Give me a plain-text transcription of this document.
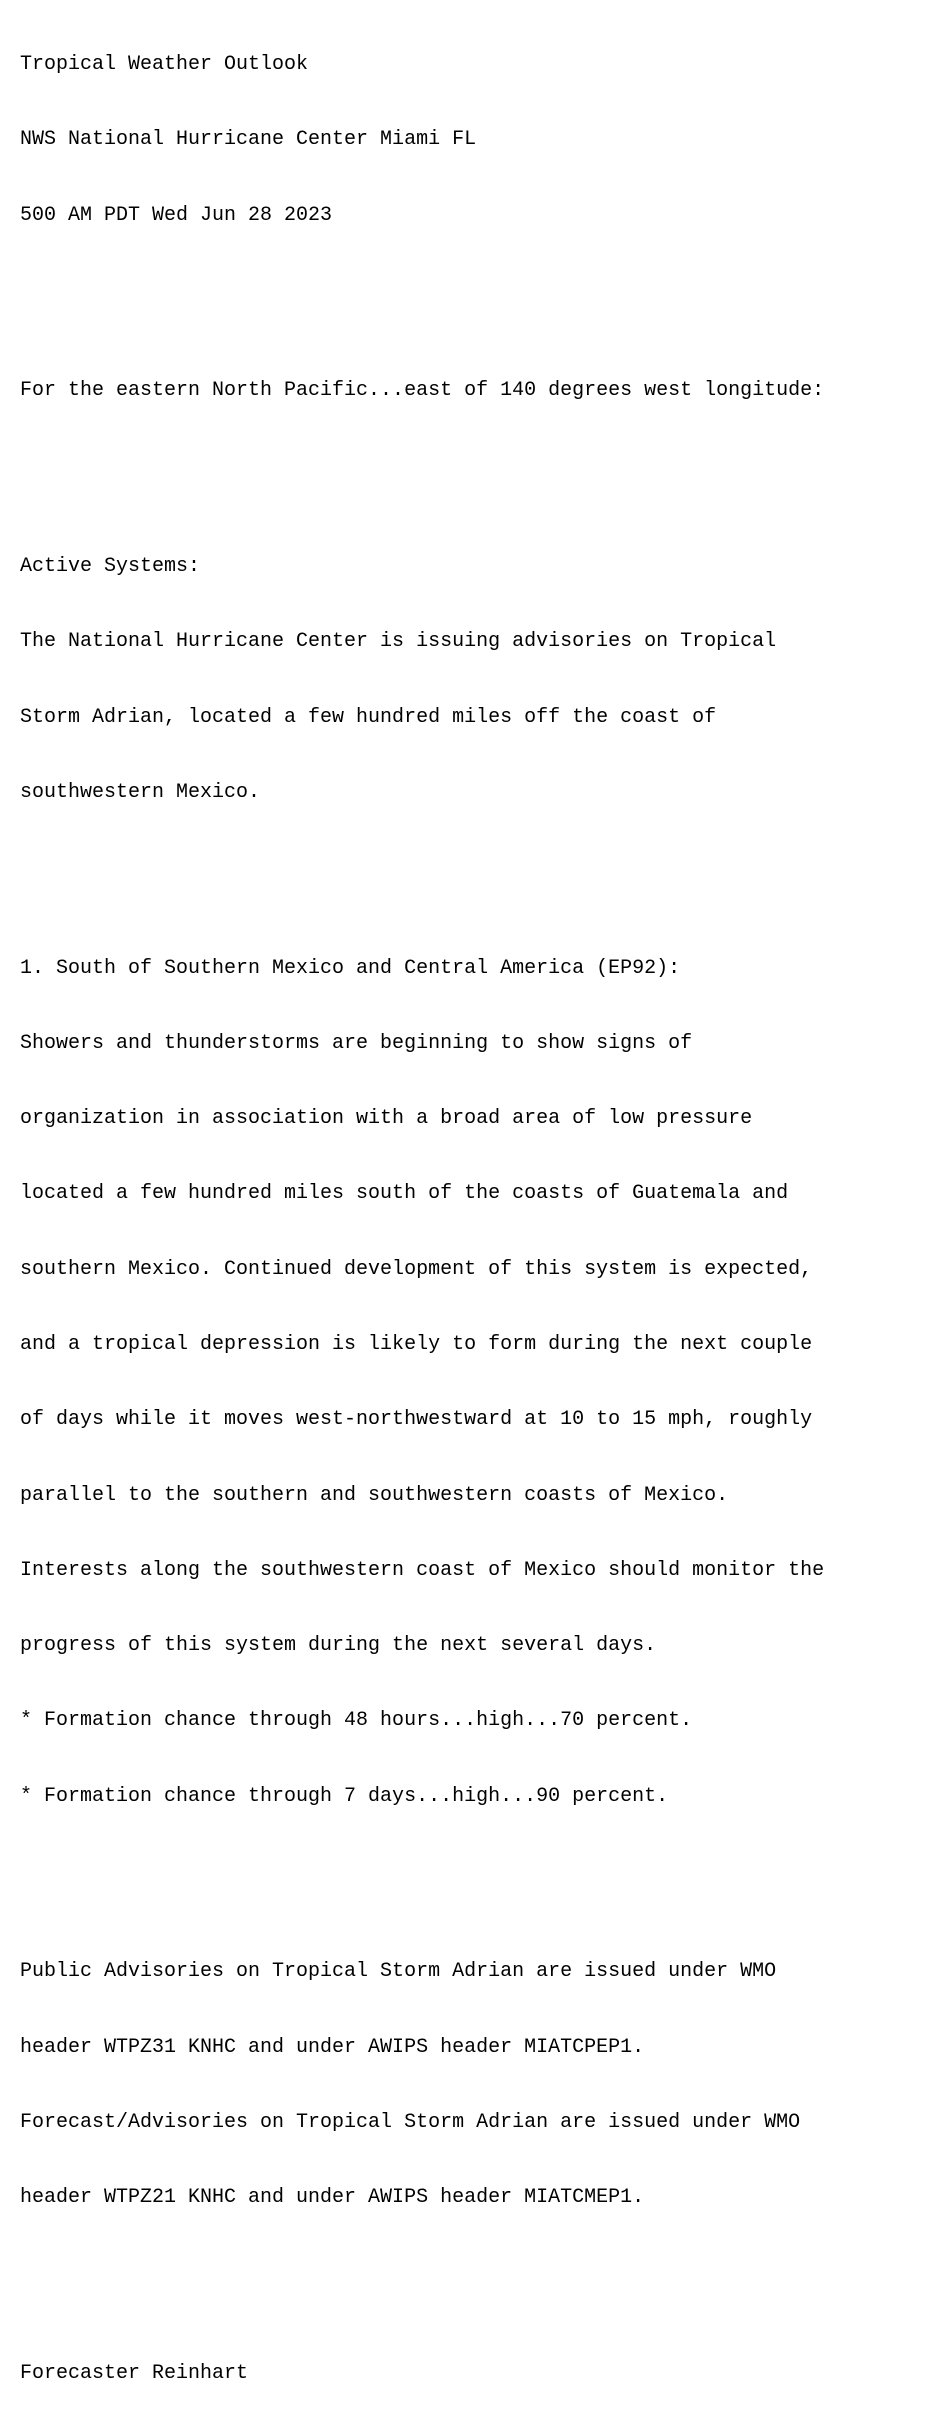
Tropical Weather Outlook

NWS National Hurricane Center Miami FL

500 AM PDT Wed Jun 28 2023

For the eastern North Pacific...east of 140 degrees west longitude:

Active Systems:

The National Hurricane Center is issuing advisories on Tropical

Storm Adrian, located a few hundred miles off the coast of

southwestern Mexico.

1. South of Southern Mexico and Central America (EP92):

Showers and thunderstorms are beginning to show signs of

organization in association with a broad area of low pressure

located a few hundred miles south of the coasts of Guatemala and

southern Mexico. Continued development of this system is expected,

and a tropical depression is likely to form during the next couple

of days while it moves west-northwestward at 10 to 15 mph, roughly

parallel to the southern and southwestern coasts of Mexico.

Interests along the southwestern coast of Mexico should monitor the

progress of this system during the next several days.

* Formation chance through 48 hours...high...70 percent.

* Formation chance through 7 days...high...90 percent.

Public Advisories on Tropical Storm Adrian are issued under WMO

header WTPZ31 KNHC and under AWIPS header MIATCPEP1.

Forecast/Advisories on Tropical Storm Adrian are issued under WMO

header WTPZ21 KNHC and under AWIPS header MIATCMEP1.

Forecaster Reinhart
